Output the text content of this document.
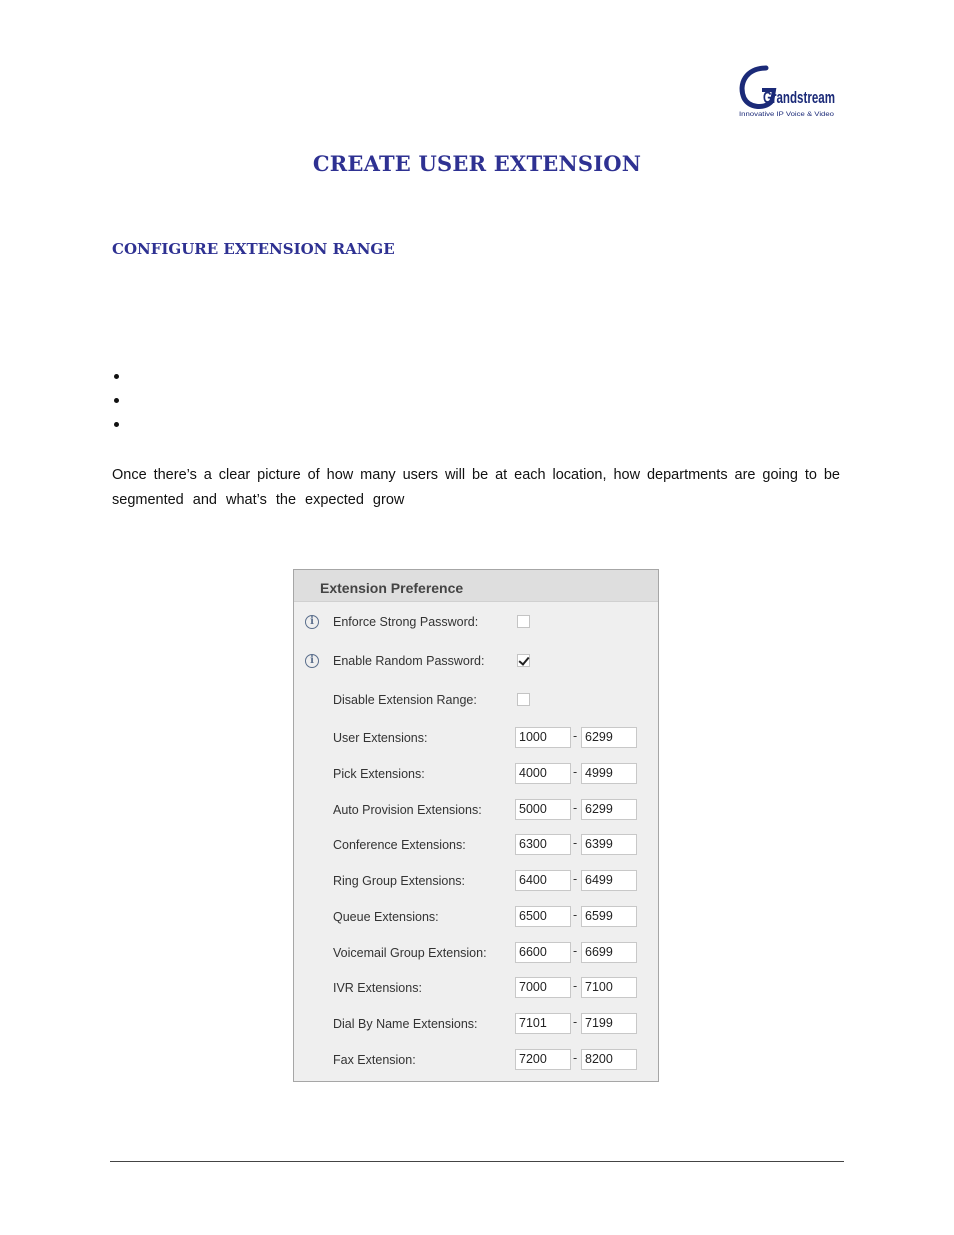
Grandstream
Innovative IP Voice & Video
CREATE USER EXTENSION
CONFIGURE EXTENSION RANGE
Once there’s a clear picture of how many users will be at each location, how departments are going to be
segmented and what’s the expected grow
Extension Preference
i	Enforce Strong Password:
i	Enable Random Password:
Disable Extension Range:
User Extensions:	1000	- 6299
Pick Extensions:	4000	- 4999
Auto Provision Extensions:	5000	- 6299
Conference Extensions:	6300	- 6399
Ring Group Extensions:	6400	- 6499
Queue Extensions:	6500	- 6599
Voicemail Group Extension:	6600	- 6699
IVR Extensions:	7000	- 7100
Dial By Name Extensions:	7101	- 7199
Fax Extension:	7200	- 8200
